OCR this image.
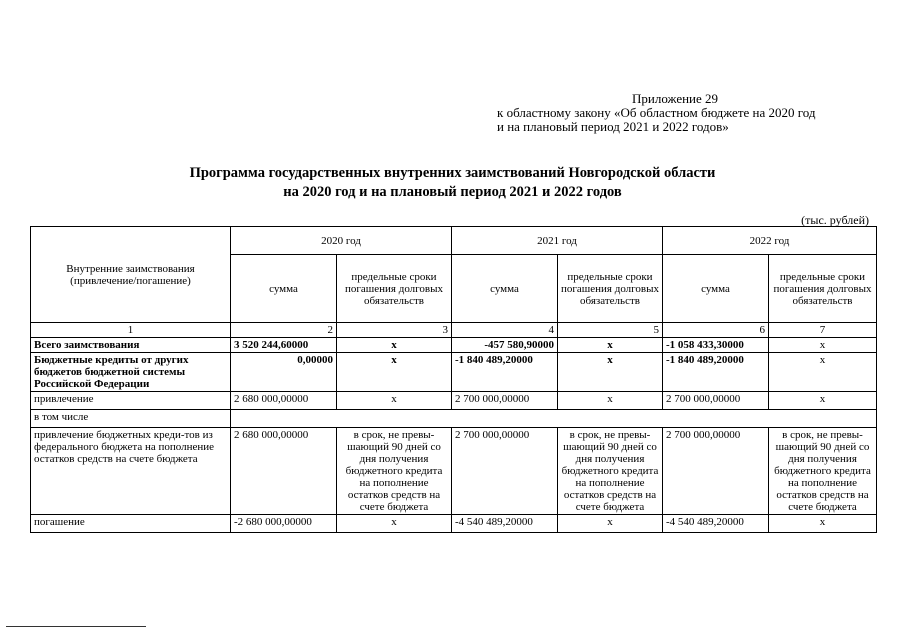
Приложение 29
к областному закону «Об областном бюджете на 2020 год
и на плановый период 2021 и 2022 годов»
Программа государственных внутренних заимствований Новгородской области
на 2020 год и на плановый период 2021 и 2022 годов
(тыс. рублей)
Внутренние заимствования (привлечение/погашение)	2020 год		2021 год		2022 год	
	сумма	предельные сроки погашения долговых обязательств	сумма	предельные сроки погашения долговых обязательств	сумма	предельные сроки погашения долговых обязательств
1	2	3	4	5	6	7
Всего заимствования	3 520 244,60000	x	-457 580,90000	x	-1 058 433,30000	x
Бюджетные кредиты от других бюджетов бюджетной системы Российской Федерации	0,00000	x	-1 840 489,20000	x	-1 840 489,20000	x
привлечение	2 680 000,00000	x	2 700 000,00000	x	2 700 000,00000	x
в том числе						
привлечение бюджетных креди-тов из федерального бюджета на пополнение остатков средств на счете бюджета	2 680 000,00000	в срок, не превы-шающий 90 дней со дня получения бюджетного кредита на пополнение остатков средств на счете бюджета	2 700 000,00000	в срок, не превы-шающий 90 дней со дня получения бюджетного кредита на пополнение остатков средств на счете бюджета	2 700 000,00000	в срок, не превы-шающий 90 дней со дня получения бюджетного кредита на пополнение остатков средств на счете бюджета
погашение	-2 680 000,00000	x	-4 540 489,20000	x	-4 540 489,20000	x
